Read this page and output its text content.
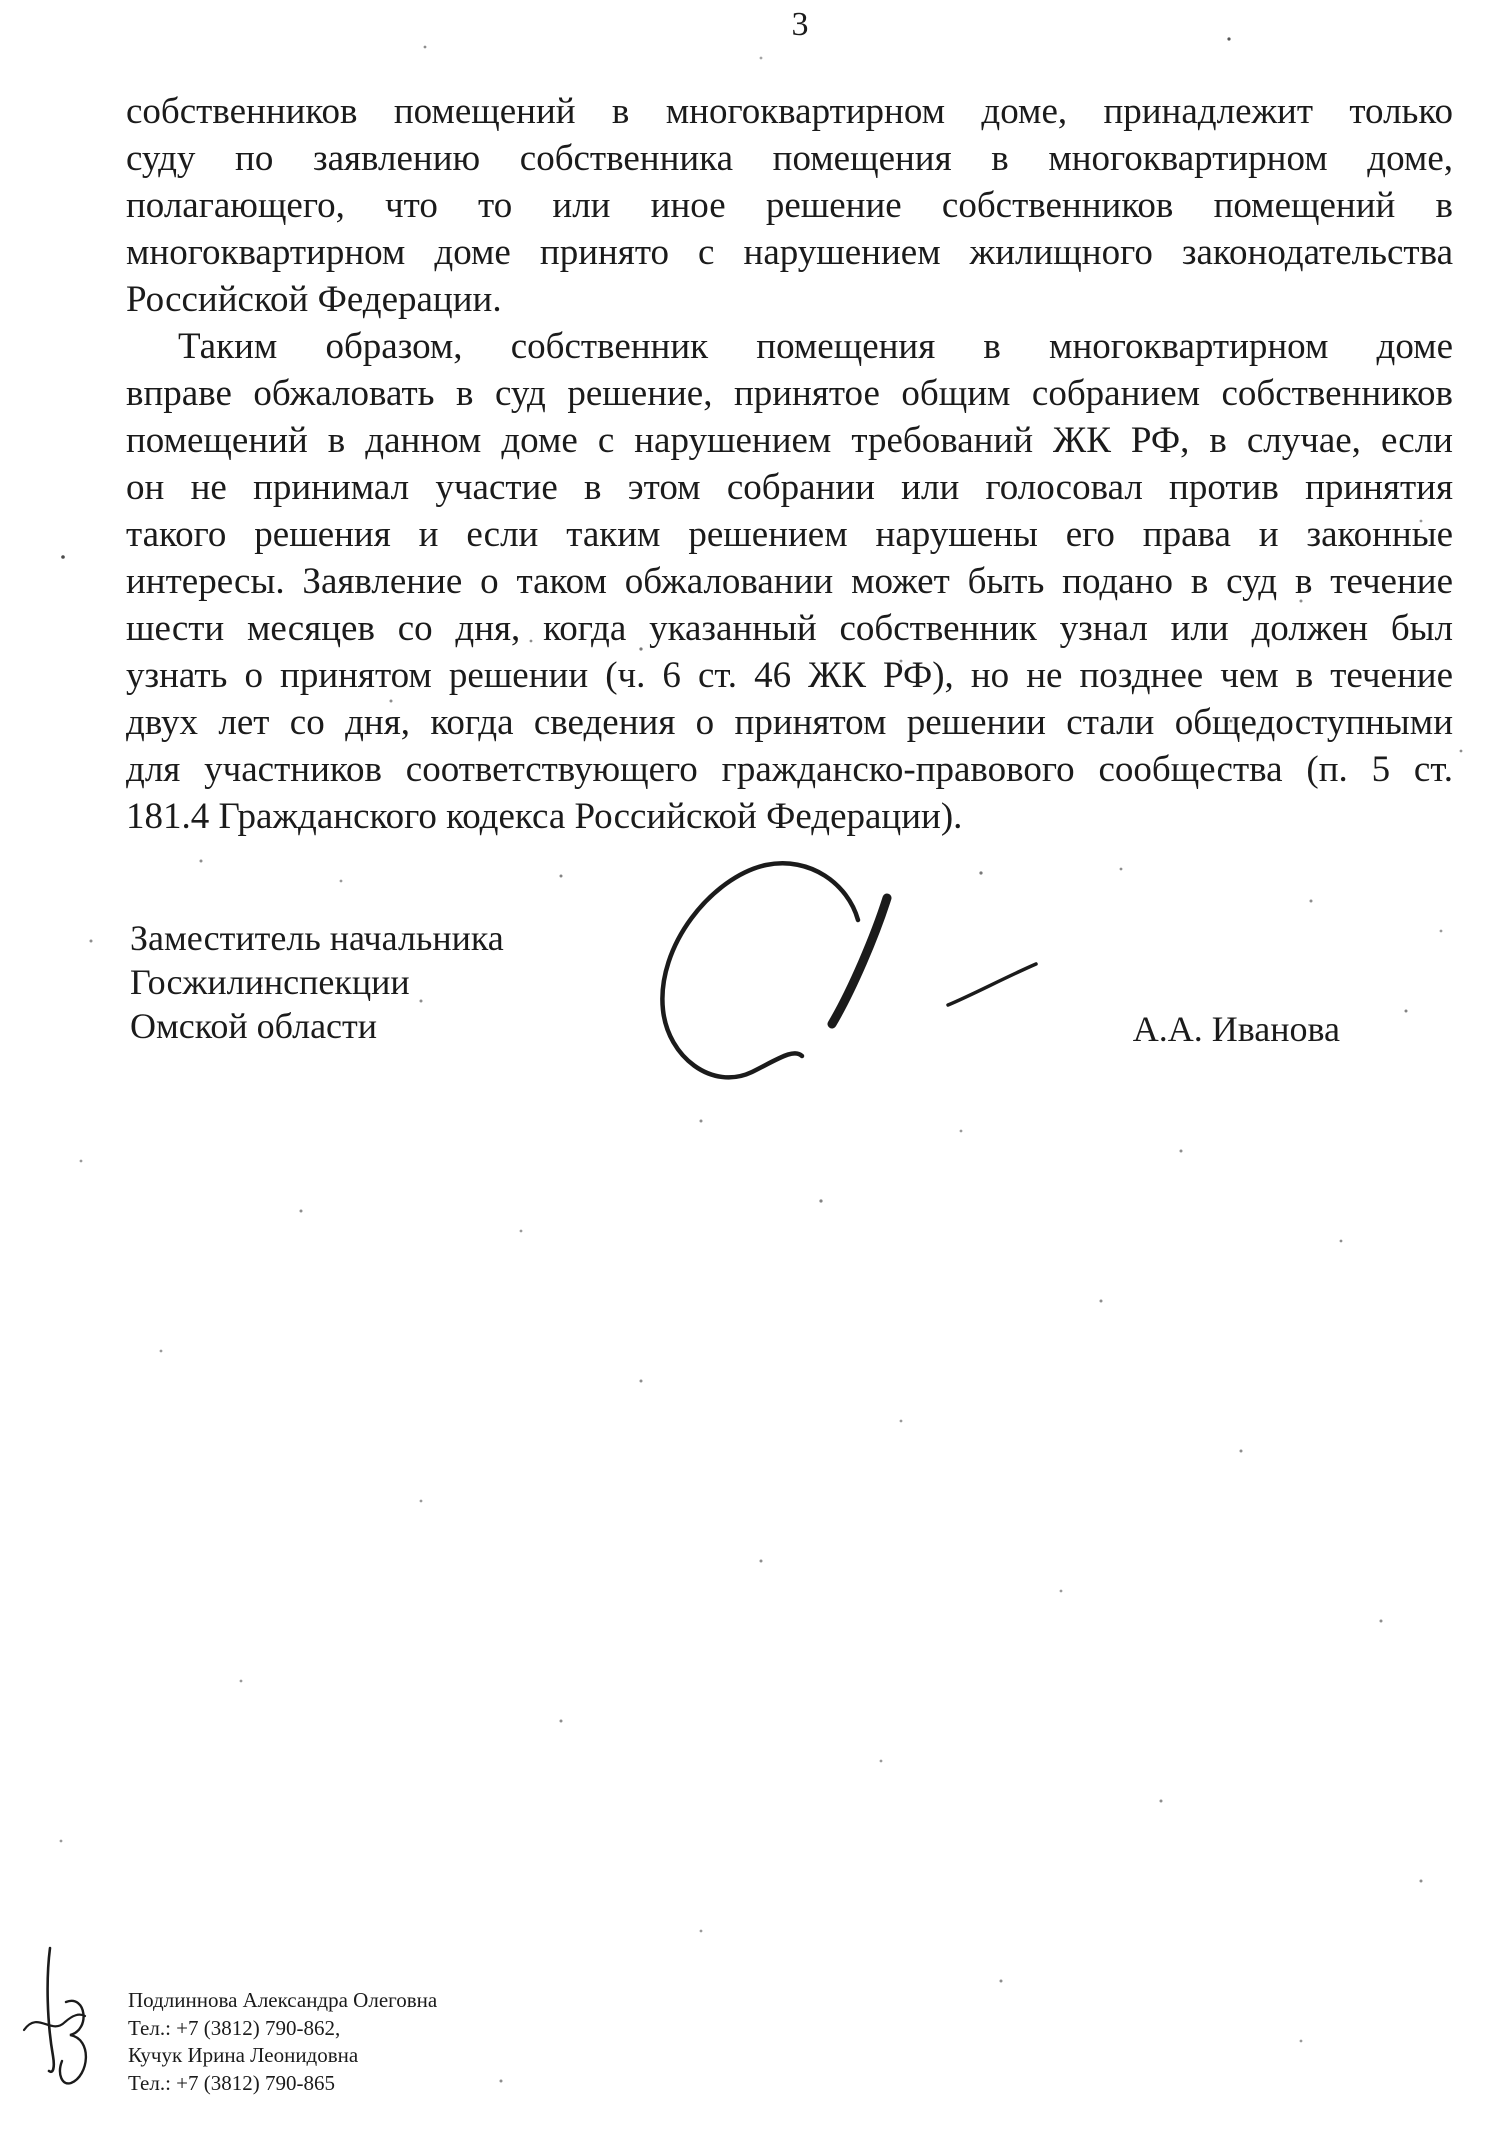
3
собственников помещений в многоквартирном доме, принадлежит только
суду по заявлению собственника помещения в многоквартирном доме,
полагающего, что то или иное решение собственников помещений в
многоквартирном доме принято с нарушением жилищного законодательства
Российской Федерации.
Таким образом, собственник помещения в многоквартирном доме
вправе обжаловать в суд решение, принятое общим собранием собственников
помещений в данном доме с нарушением требований ЖК РФ, в случае, если
он не принимал участие в этом собрании или голосовал против принятия
такого решения и если таким решением нарушены его права и законные
интересы. Заявление о таком обжаловании может быть подано в суд в течение
шести месяцев со дня, когда указанный собственник узнал или должен был
узнать о принятом решении (ч. 6 ст. 46 ЖК РФ), но не позднее чем в течение
двух лет со дня, когда сведения о принятом решении стали общедоступными
для участников соответствующего гражданско-правового сообщества (п. 5 ст.
181.4 Гражданского кодекса Российской Федерации).
Заместитель начальника
Госжилинспекции
Омской области	А.А. Иванова
Подлиннова Александра Олеговна
Тел.: +7 (3812) 790-862,
Кучук Ирина Леонидовна
Тел.: +7 (3812) 790-865
